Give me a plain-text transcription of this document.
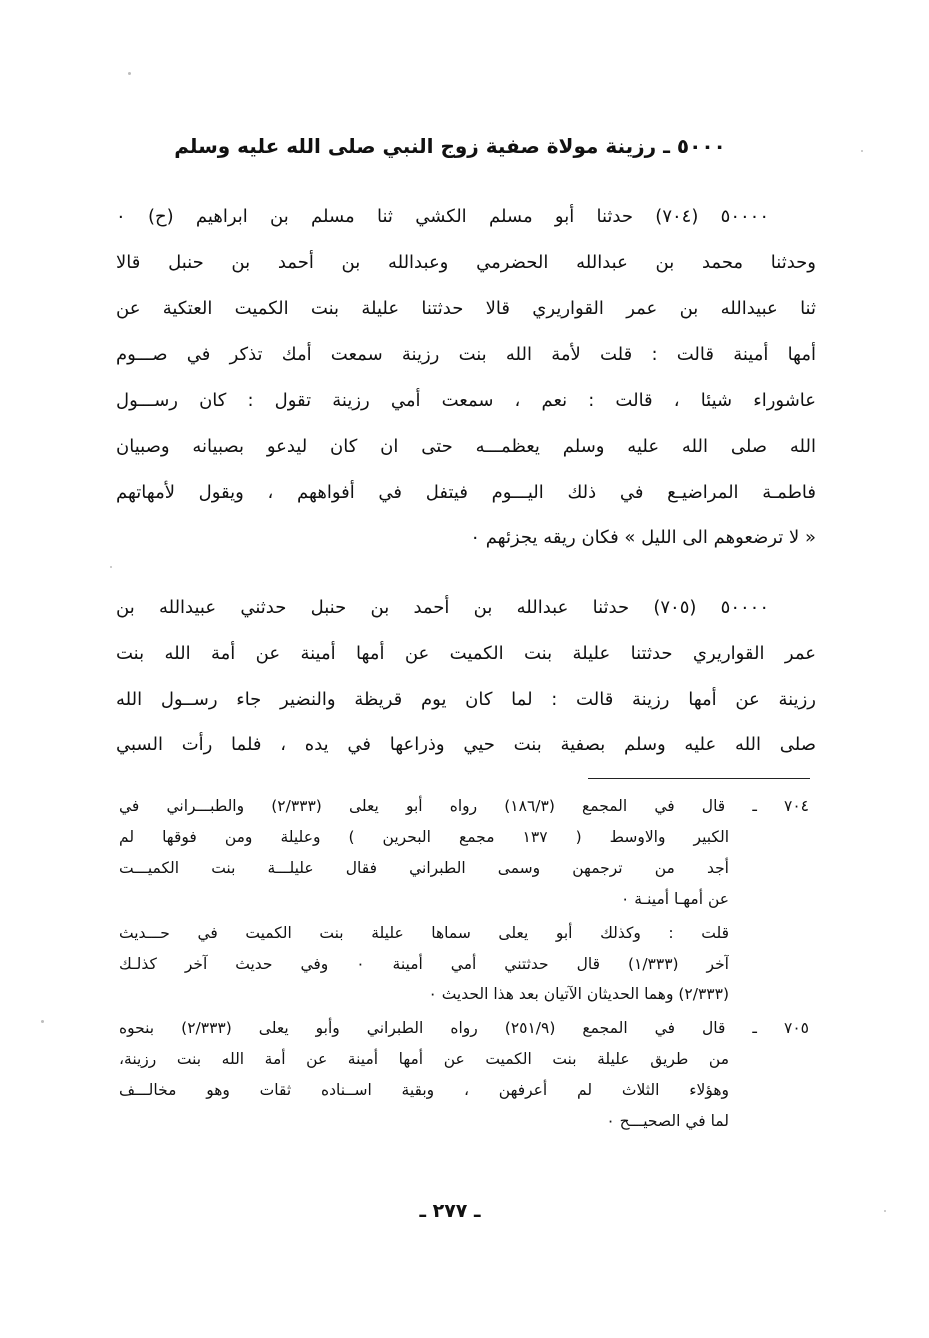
٥٠٠٠ ـ رزينة مولاة صفية زوج النبي صلى الله عليه وسلم
٥٠٠٠٠ (٧٠٤) حدثنا أبو مسلم الكشي ثنا مسلم بن ابراهيم (ح) ٠
وحدثنا محمد بن عبدالله الحضرمي وعبدالله بن أحمد بن حنبل قالا
ثنا عبيدالله بن عمر القواريري قالا حدثتنا عليلة بنت الكميت العتكية عن
أمها أمينة قالت : قلت لأمة الله بنت رزينة سمعت أمك تذكر في صـــوم
عاشوراء شيئا ، قالت : نعم ، سمعت أمي رزينة تقول : كان رســـول
الله صلى الله عليه وسلم يعظمـــه حتى ان كان ليدعو بصبيانه وصبيان
فاطمـة المراضيـع في ذلك اليـــوم فيتفل في أفواههم ، ويقول لأمهاتهم
« لا ترضعوهم الى الليل » فكان ريقه يجزئهم ٠
٥٠٠٠٠ (٧٠٥) حدثنا عبدالله بن أحمد بن حنبل حدثني عبيدالله بن
عمر القواريري حدثتنا عليلة بنت الكميت عن أمها أمينة عن أمة الله بنت
رزينة عن أمها رزينة قالت : لما كان يوم قريظة والنضير جاء رســول الله
صلى الله عليه وسلم بصفية بنت حيي وذراعها في يده ، فلما رأت السبي
٧٠٤ ـ قال في المجمع (١٨٦/٣) رواه أبو يعلى (٢/٣٣٣) والطبـــراني في
الكبير والاوسط ( ١٣٧ مجمع البحرين ) وعليلة ومن فوقها لم
أجد من ترجمهن وسمى الطبراني فقال عليلـــة بنت الكميـــت
عن أمهـا أمينـة ٠
قلت : وكذلك أبو يعلى سماها عليلة بنت الكميت في حـــديث
آخر (١/٣٣٣) قال حدثتني أمي أمينة ٠ وفي حديث آخر كذلـك
(٢/٣٣٣) وهما الحديثان الآتيان بعد هذا الحديث ٠
٧٠٥ ـ قال في المجمع (٢٥١/٩) رواه الطبراني وأبو يعلى (٢/٣٣٣) بنحوه
من طريق عليلة بنت الكميت عن أمها أمينة عن أمة الله بنت رزينة،
وهؤلاء الثلاث لم أعرفهن ، وبقية اســناده ثقات وهو مخالـــف
لما في الصحيـــح ٠
ـ ٢٧٧ ـ
